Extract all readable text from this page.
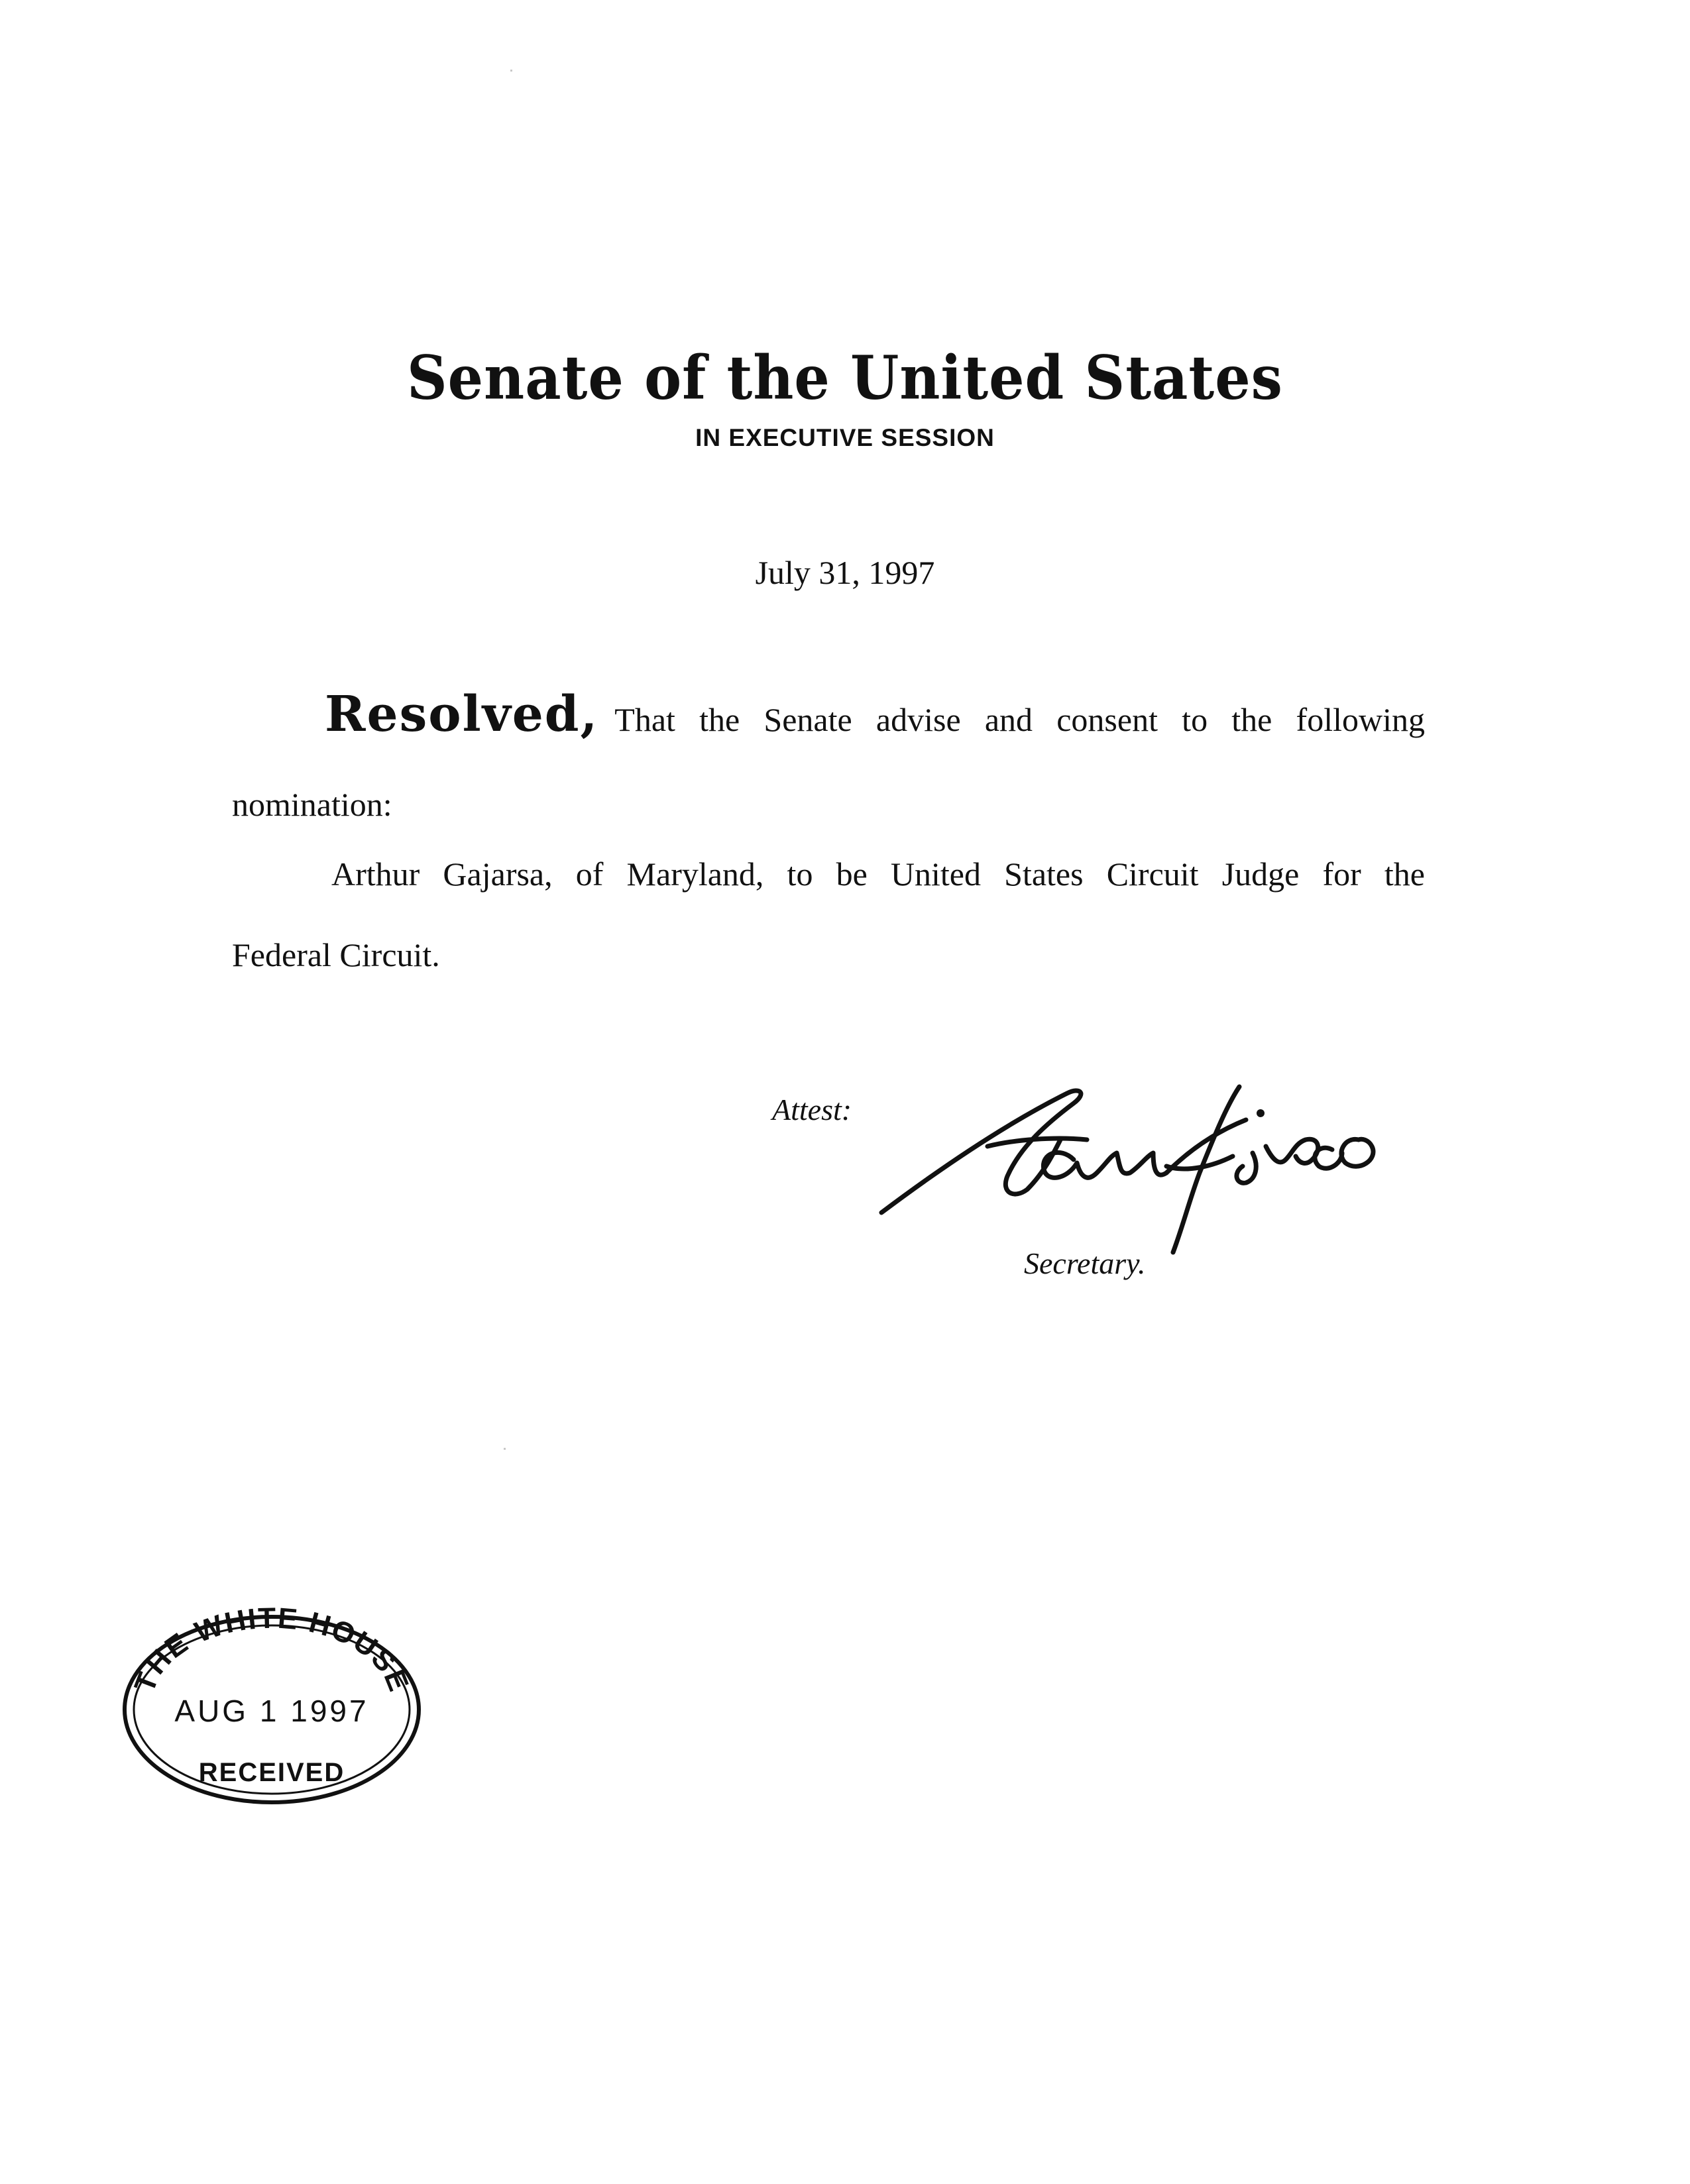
Senate of the United States
IN EXECUTIVE SESSION
July 31, 1997
Resolved, That the Senate advise and consent to the following
nomination:
Arthur Gajarsa, of Maryland, to be United States Circuit Judge for the
Federal Circuit.
Attest:
Secretary.
THE WHITE HOUSE
AUG 1 1997
RECEIVED
